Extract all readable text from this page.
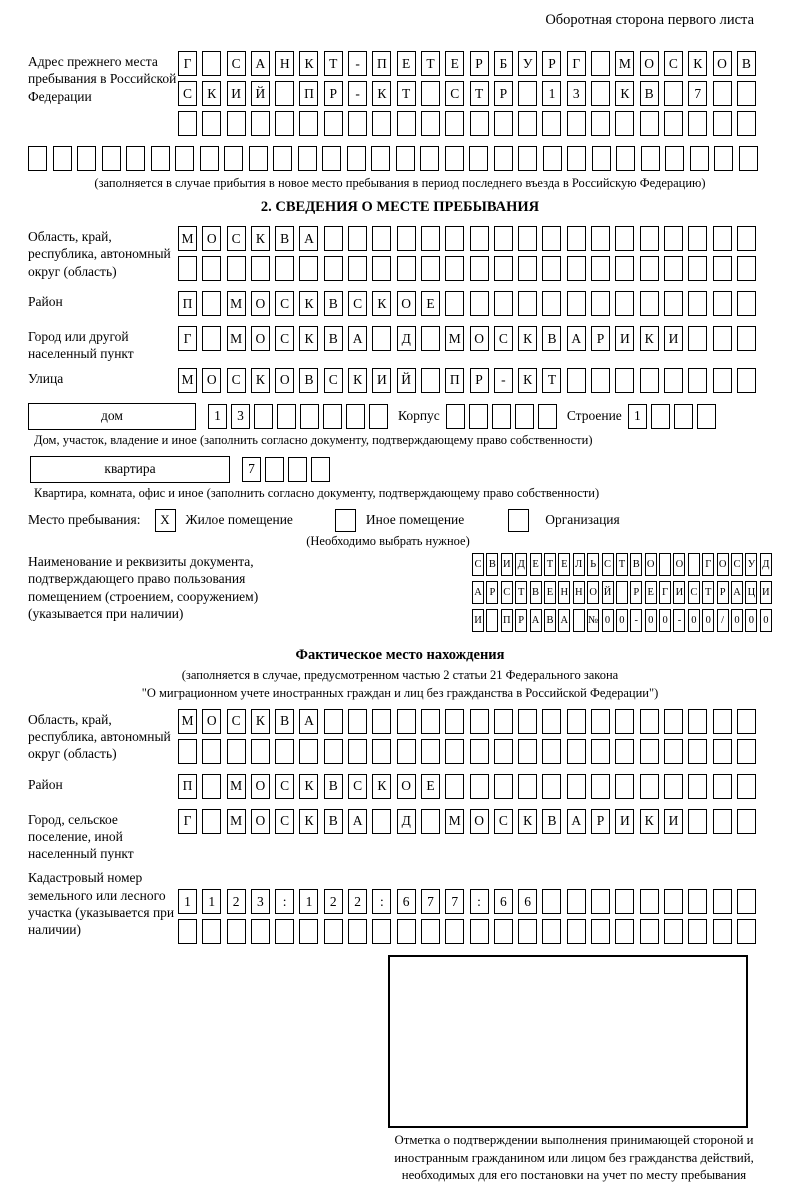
Оборотная сторона первого листа
Адрес прежнего места пребывания в Российской Федерации
Г	С	А	Н	К	Т	-	П	Е	Т	Е	Р	Б	У	Р	Г	М О	С	К	О	В
С	К	И	Й	П	Р	-	К	Т	С	Т	Р	1	3	К	В	7
(заполняется в случае прибытия в новое место пребывания в период последнего въезда в Российскую Федерацию)
2. СВЕДЕНИЯ О МЕСТЕ ПРЕБЫВАНИЯ
Область, край, республика, автономный округ (область)
М О	С	К	В	А
Район	П	М О	С	К	В	С	К	О	Е
Город или другой населенный пункт
Г	М О	С	К	В	А	Д	М О	С	К	В	А	Р	И	К	И
Улица	М О	С	К	О	В	С	К	И	Й	П	Р	-	К	Т
дом	1	3	Корпус	Строение 1
Дом, участок, владение и иное (заполнить согласно документу, подтверждающему право собственности)
квартира	7
Квартира, комната, офис и иное (заполнить согласно документу, подтверждающему право собственности)
Место пребывания:	X	Жилое помещение	Иное помещение	Организация
(Необходимо выбрать нужное)
Наименование и реквизиты документа, подтверждающего право пользования помещением (строением, сооружением) (указывается при наличии)
С В И Д Е Т Е Л Ь С Т В О О Г О С У Д
А Р С Т В Е Н Н О Й Р Е Г И С Т Р А Ц И
И П Р А В А № 0 0 - 0 0 - 0 0 / 0 0 0
Фактическое место нахождения
(заполняется в случае, предусмотренном частью 2 статьи 21 Федерального закона
"О миграционном учете иностранных граждан и лиц без гражданства в Российской Федерации")
Область, край, республика, автономный округ (область)
М О	С	К	В	А
Район	П	М О	С	К	В	С	К	О	Е
Город, сельское поселение, иной населенный пункт
Г	М О	С	К	В	А	Д	М О	С	К	В	А	Р	И	К	И
Кадастровый номер земельного или лесного участка (указывается при наличии)
1	1	2	3	:	1	2	2	:	6	7	7	:	6	6
Отметка о подтверждении выполнения принимающей стороной и иностранным гражданином или лицом без гражданства действий, необходимых для его постановки на учет по месту пребывания
